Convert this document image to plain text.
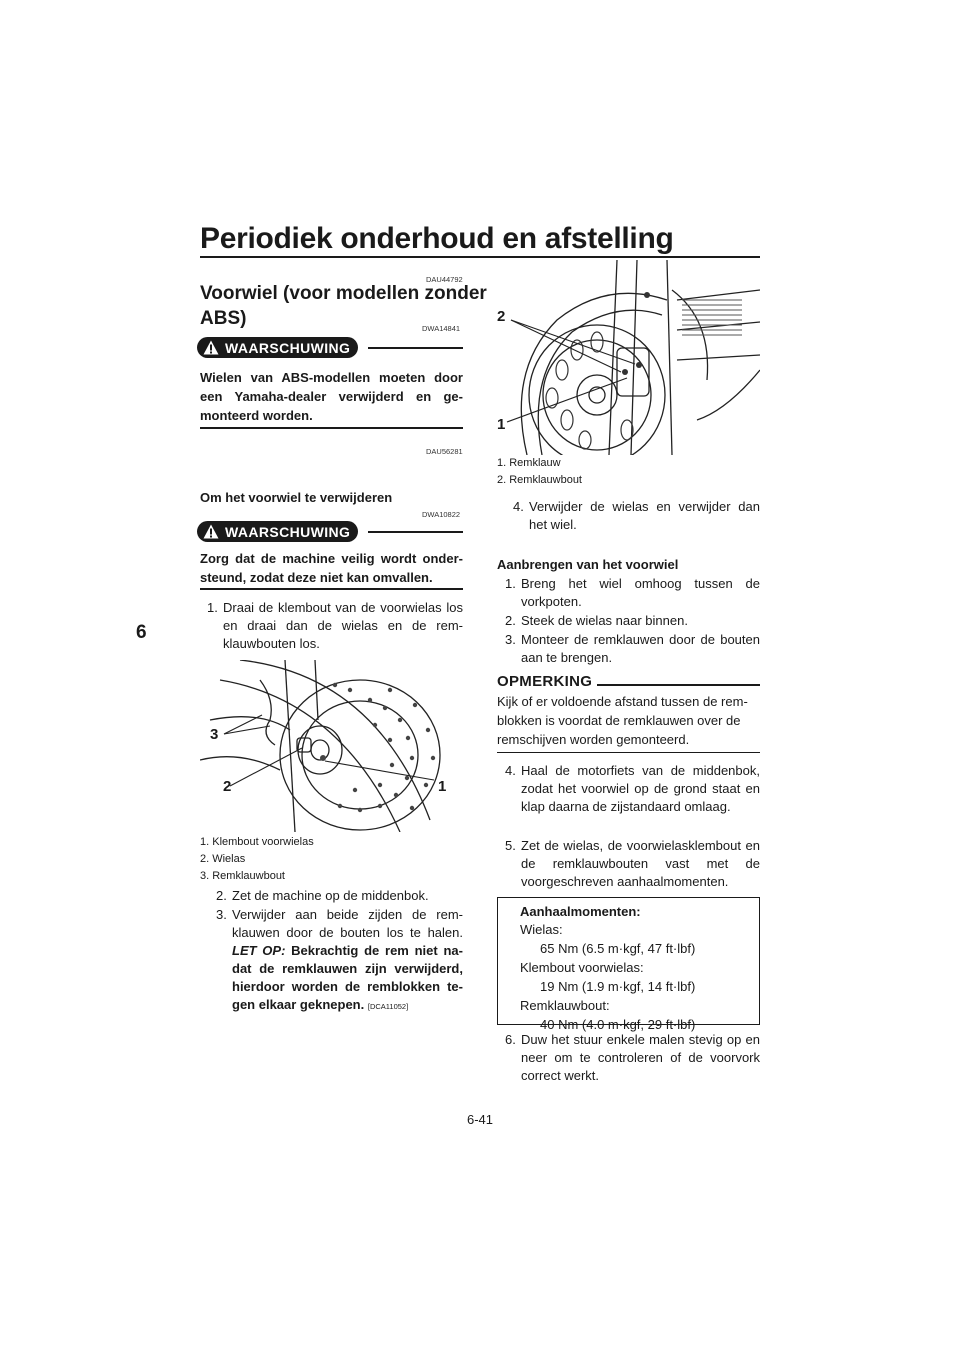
Periodiek onderhoud en afstelling
6
DAU44792
Voorwiel (voor modellen zonder
ABS)	DWA14841
WAARSCHUWING
Wielen van ABS-modellen moeten door een Yamaha-dealer verwijderd en gemonteerd worden.
DAU56281
Om het voorwiel te verwijderen
DWA10822
WAARSCHUWING
Zorg dat de machine veilig wordt ondersteund, zodat deze niet kan omvallen.
1. Draai de klembout van de voorwielas los en draai dan de wielas en de remklauwbouten los.
3
2	1
1. Klembout voorwielas
2. Wielas
3. Remklauwbout
2. Zet de machine op de middenbok.
3. Verwijder aan beide zijden de remklauwen door de bouten los te halen. LET OP: Bekrachtig de rem niet nadat de remklauwen zijn verwijderd, hierdoor worden de remblokken tegen elkaar geknepen. [DCA11052]
2
1
1. Remklauw
2. Remklauwbout
4. Verwijder de wielas en verwijder dan het wiel.
Aanbrengen van het voorwiel
1. Breng het wiel omhoog tussen de vorkpoten.
2. Steek de wielas naar binnen.
3. Monteer de remklauwen door de bouten aan te brengen.
OPMERKING
Kijk of er voldoende afstand tussen de remblokken is voordat de remklauwen over de remschijven worden gemonteerd.
4. Haal de motorfiets van de middenbok, zodat het voorwiel op de grond staat en klap daarna de zijstandaard omlaag.
5. Zet de wielas, de voorwielasklembout en de remklauwbouten vast met de voorgeschreven aanhaalmomenten.
Aanhaalmomenten:
Wielas:
65 Nm (6.5 m·kgf, 47 ft·lbf)
Klembout voorwielas:
19 Nm (1.9 m·kgf, 14 ft·lbf)
Remklauwbout:
40 Nm (4.0 m·kgf, 29 ft·lbf)
6. Duw het stuur enkele malen stevig op en neer om te controleren of de voorvork correct werkt.
6-41
